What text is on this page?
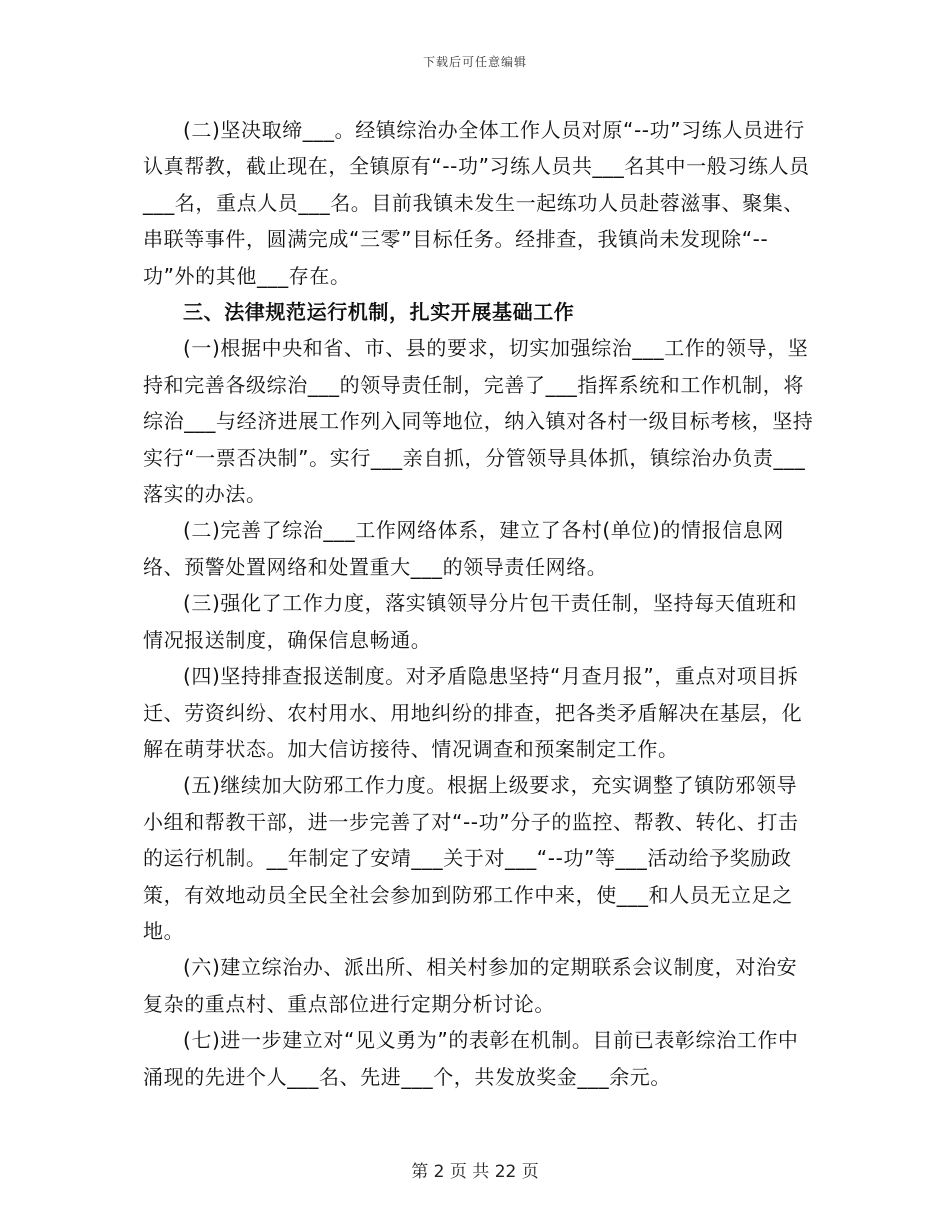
下载后可任意编辑

(二)坚决取缔___。经镇综治办全体工作人员对原“--功”习练人员进行认真帮教，截止现在，全镇原有“--功”习练人员共___名其中一般习练人员___名，重点人员___名。目前我镇未发生一起练功人员赴蓉滋事、聚集、串联等事件，圆满完成“三零”目标任务。经排查，我镇尚未发现除“--功”外的其他___存在。

三、法律规范运行机制，扎实开展基础工作

(一)根据中央和省、市、县的要求，切实加强综治___工作的领导，坚持和完善各级综治___的领导责任制，完善了___指挥系统和工作机制，将综治___与经济进展工作列入同等地位，纳入镇对各村一级目标考核，坚持实行“一票否决制”。实行___亲自抓，分管领导具体抓，镇综治办负责___落实的办法。

(二)完善了综治___工作网络体系，建立了各村(单位)的情报信息网络、预警处置网络和处置重大___的领导责任网络。

(三)强化了工作力度，落实镇领导分片包干责任制，坚持每天值班和情况报送制度，确保信息畅通。

(四)坚持排查报送制度。对矛盾隐患坚持“月查月报”，重点对项目拆迁、劳资纠纷、农村用水、用地纠纷的排查，把各类矛盾解决在基层，化解在萌芽状态。加大信访接待、情况调查和预案制定工作。

(五)继续加大防邪工作力度。根据上级要求，充实调整了镇防邪领导小组和帮教干部，进一步完善了对“--功”分子的监控、帮教、转化、打击的运行机制。__年制定了安靖___关于对___“--功”等___活动给予奖励政策，有效地动员全民全社会参加到防邪工作中来，使___和人员无立足之地。

(六)建立综治办、派出所、相关村参加的定期联系会议制度，对治安复杂的重点村、重点部位进行定期分析讨论。

(七)进一步建立对“见义勇为”的表彰在机制。目前已表彰综治工作中涌现的先进个人___名、先进___个，共发放奖金___余元。

第 2 页 共 22 页
